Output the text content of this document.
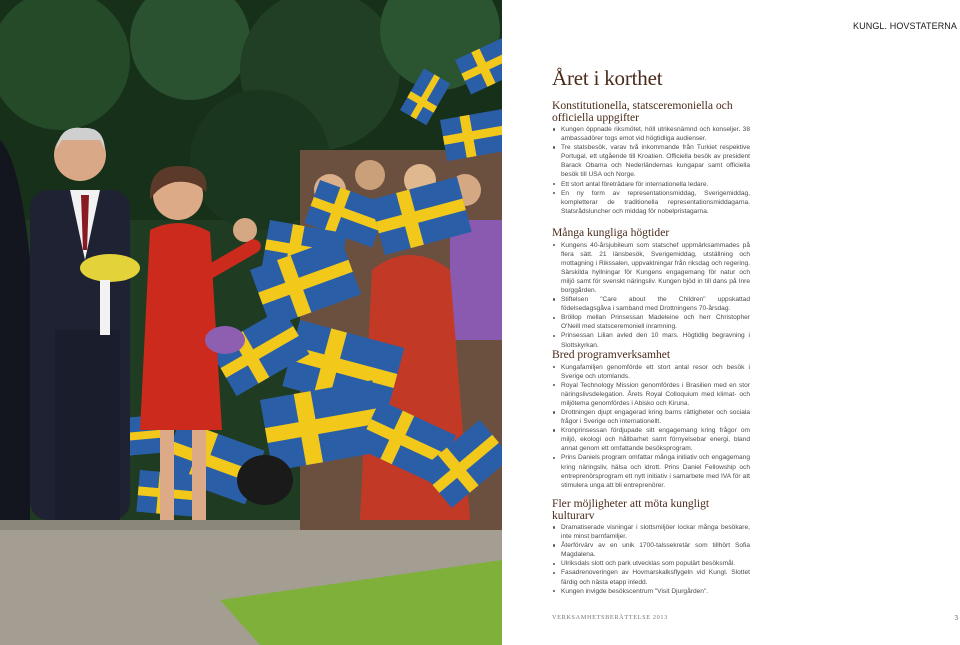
KUNGL. HOVSTATERNA
Året i korthet
Konstitutionella, statsceremoniella och officiella uppgifter
Kungen öppnade riksmötet, höll utrikesnämnd och konseljer. 38 ambassadörer togs emot vid högtidliga audienser.
Tre statsbesök, varav två inkommande från Turkiet respektive Portugal, ett utgående till Kroatien. Officiella besök av president Barack Obama och Nederländernas kungapar samt officiella besök till USA och Norge.
Ett stort antal företrädare för internationella ledare.
En ny form av representationsmiddag, Sverigemiddag, kompletterar de traditionella representationsmiddagarna. Statsrådsluncher och middag för nobelpristagarna.
Många kungliga högtider
Kungens 40-årsjubileum som statschef uppmärksammades på flera sätt. 21 länsbesök, Sverigemiddag, utställning och mottagning i Rikssalen, uppvaktningar från riksdag och regering. Särskilda hyllningar för Kungens engagemang för natur och miljö samt för svenskt näringsliv. Kungen bjöd in till dans på Inre borggården.
Stiftelsen "Care about the Children" uppskattad födelsedagsgåva i samband med Drottningens 70-årsdag.
Bröllop mellan Prinsessan Madeleine och herr Christopher O'Neill med statsceremoniell inramning.
Prinsessan Lilian avled den 10 mars. Högtidlig begravning i Slottskyrkan.
Bred programverksamhet
Kungafamiljen genomförde ett stort antal resor och besök i Sverige och utomlands.
Royal Technology Mission genomfördes i Brasilien med en stor näringslivsdelegation. Årets Royal Colloquium med klimat- och miljötema genomfördes i Abisko och Kiruna.
Drottningen djupt engagerad kring barns rättigheter och sociala frågor i Sverige och internationellt.
Kronprinsessan fördjupade sitt engagemang kring frågor om miljö, ekologi och hållbarhet samt förnyelsebar energi, bland annat genom ett omfattande besöksprogram.
Prins Daniels program omfattar många initiativ och engagemang kring näringsliv, hälsa och idrott. Prins Daniel Fellowship och entreprenörsprogram ett nytt initiativ i samarbete med IVA för att stimulera unga att bli entreprenörer.
Fler möjligheter att möta kungligt kulturarv
Dramatiserade visningar i slottsmiljöer lockar många besökare, inte minst barnfamiljer.
Återförvärv av en unik 1700-talssekretär som tillhört Sofia Magdalena.
Ulriksdals slott och park utvecklas som populärt besöksmål.
Fasadrenoveringen av Hovmarskalksflygeln vid Kungl. Slottet färdig och nästa etapp inledd.
Kungen invigde besökscentrum "Visit Djurgården".
VERKSAMHETSBERÄTTELSE 2013	3
